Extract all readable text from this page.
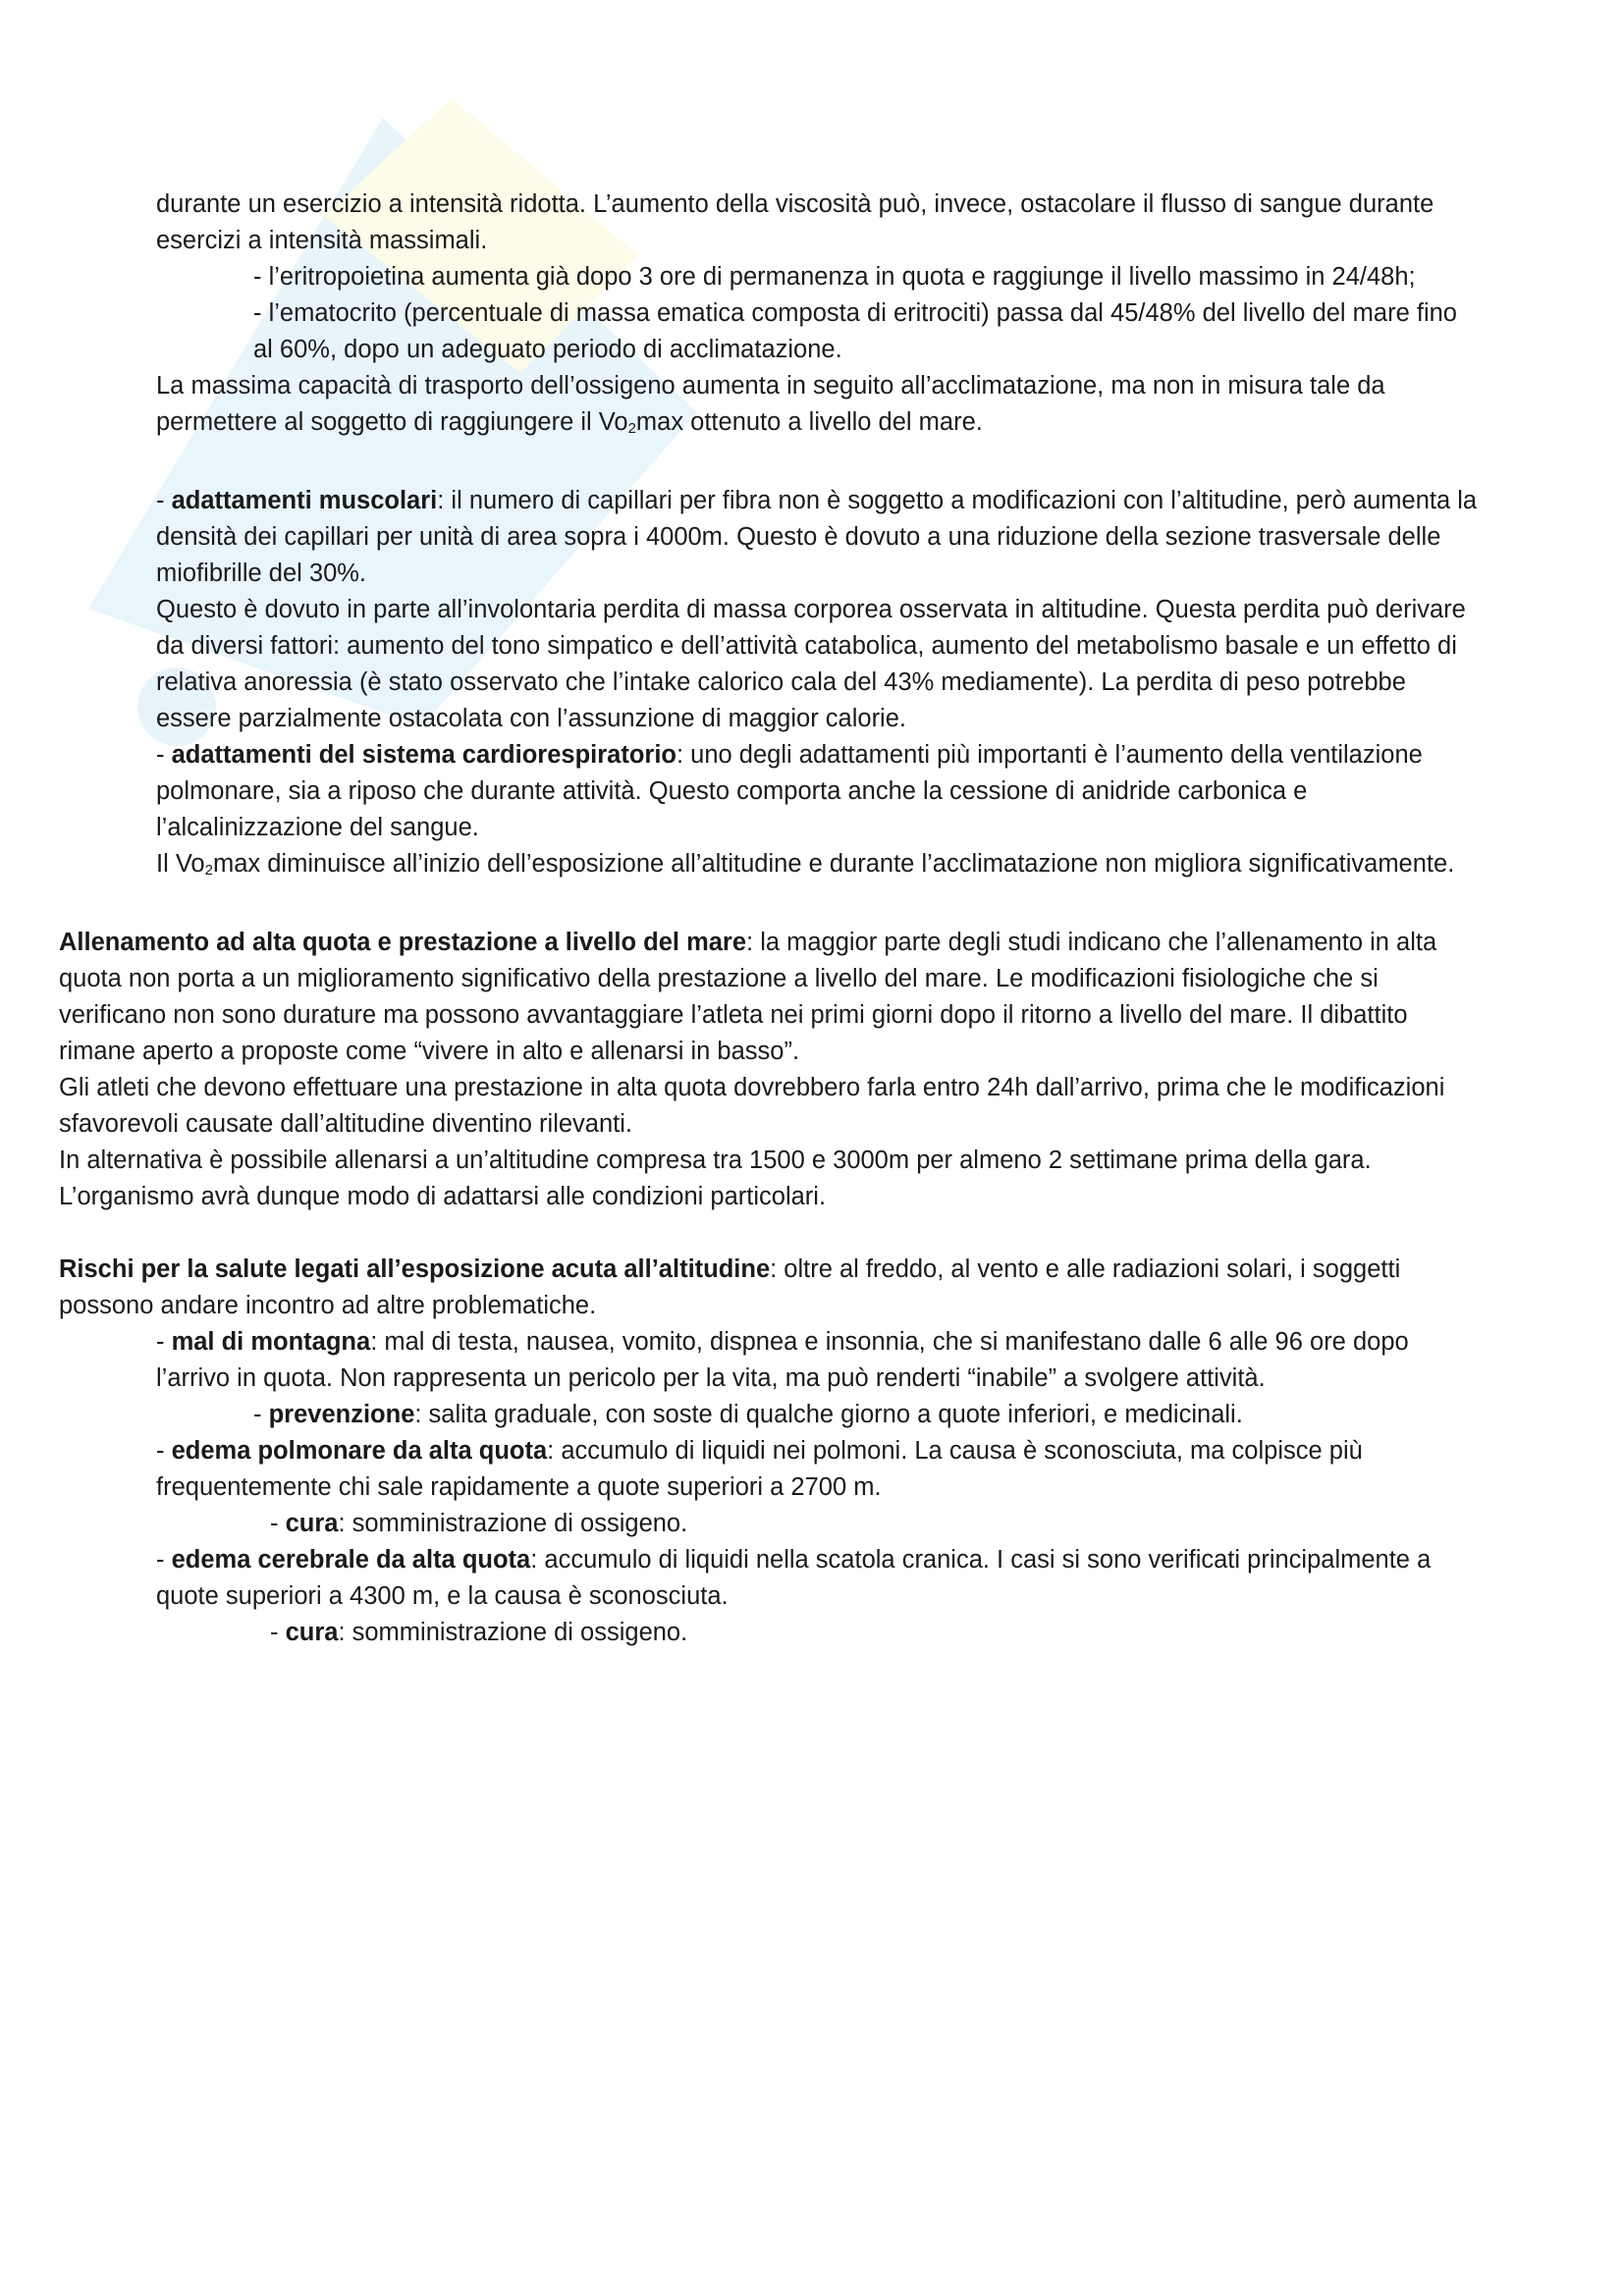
durante un esercizio a intensità ridotta. L’aumento della viscosità può, invece, ostacolare il flusso di sangue durante esercizi a intensità massimali.

- l’eritropoietina aumenta già dopo 3 ore di permanenza in quota e raggiunge il livello massimo in 24/48h;

- l’ematocrito (percentuale di massa ematica composta di eritrociti) passa dal 45/48% del livello del mare fino al 60%, dopo un adeguato periodo di acclimatazione.

La massima capacità di trasporto dell’ossigeno aumenta in seguito all’acclimatazione, ma non in misura tale da permettere al soggetto di raggiungere il $Vo_2\max$ ottenuto a livello del mare.

- adattamenti muscolari: il numero di capillari per fibra non è soggetto a modificazioni con l’altitudine, però aumenta la densità dei capillari per unità di area sopra i 4000m. Questo è dovuto a una riduzione della sezione trasversale delle miofibrille del 30%.

Questo è dovuto in parte all’involontaria perdita di massa corporea osservata in altitudine. Questa perdita può derivare da diversi fattori: aumento del tono simpatico e dell’attività catabolica, aumento del metabolismo basale e un effetto di relativa anoressia (è stato osservato che l’intake calorico cala del 43% mediamente). La perdita di peso potrebbe essere parzialmente ostacolata con l’assunzione di maggior calorie.

- adattamenti del sistema cardiorespiratorio: uno degli adattamenti più importanti è l’aumento della ventilazione polmonare, sia a riposo che durante attività. Questo comporta anche la cessione di anidride carbonica e l’alcalinizzazione del sangue.

Il $Vo_2\max$ diminuisce all’inizio dell’esposizione all’altitudine e durante l’acclimatazione non migliora significativamente.

Allenamento ad alta quota e prestazione a livello del mare: la maggior parte degli studi indicano che l’allenamento in alta quota non porta a un miglioramento significativo della prestazione a livello del mare. Le modificazioni fisiologiche che si verificano non sono durature ma possono avvantaggiare l’atleta nei primi giorni dopo il ritorno a livello del mare. Il dibattito rimane aperto a proposte come “vivere in alto e allenarsi in basso”.

Gli atleti che devono effettuare una prestazione in alta quota dovrebbero farla entro 24h dall’arrivo, prima che le modificazioni sfavorevoli causate dall’altitudine diventino rilevanti.

In alternativa è possibile allenarsi a un’altitudine compresa tra 1500 e 3000m per almeno 2 settimane prima della gara. L’organismo avrà dunque modo di adattarsi alle condizioni particolari.

Rischi per la salute legati all’esposizione acuta all’altitudine: oltre al freddo, al vento e alle radiazioni solari, i soggetti possono andare incontro ad altre problematiche.

- mal di montagna: mal di testa, nausea, vomito, dispnea e insonnia, che si manifestano dalle 6 alle 96 ore dopo l’arrivo in quota. Non rappresenta un pericolo per la vita, ma può renderti “inabile” a svolgere attività.

- prevenzione: salita graduale, con soste di qualche giorno a quote inferiori, e medicinali.

- edema polmonare da alta quota: accumulo di liquidi nei polmoni. La causa è sconosciuta, ma colpisce più frequentemente chi sale rapidamente a quote superiori a 2700 m.

- cura: somministrazione di ossigeno.

- edema cerebrale da alta quota: accumulo di liquidi nella scatola cranica. I casi si sono verificati principalmente a quote superiori a 4300 m, e la causa è sconosciuta.

- cura: somministrazione di ossigeno.
